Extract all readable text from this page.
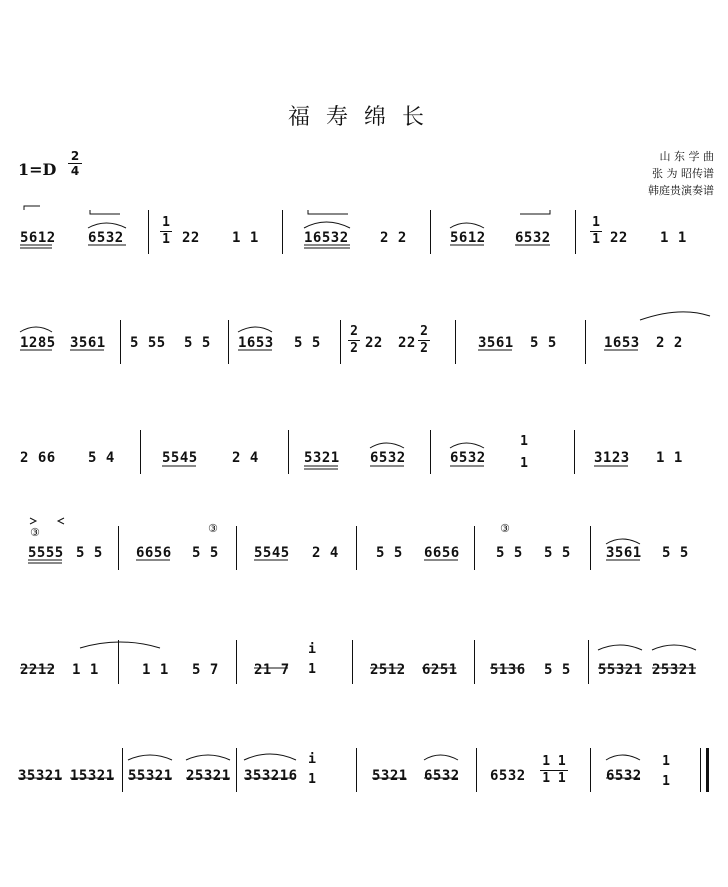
福寿绵长
1=D
2
4
山 东 学 曲
张 为 昭传谱
韩庭贵演奏谱
5612 6532
1

1 22 1 1	16532 2 2	5612 6532
1

1 22 1 1
1285 3561 5 55 5 5 1653 5 5
2

2 22 22
2

2	3561 5 5	1653 2 2
2 66 5 4	5545 2 4	5321 6532	6532
1

1	3123 1 1
5555 5 5 6656 5 5	5545 2 4	5 5 6656	5 5 5 5	3561 5 5
③	③	③
2212 1 1	1 1 5 7	21 7
i

1	2512 6251 5136 5 5 55321 25321
35321 15321 55321 25321 353216
i

1	5321 6532 6532
1 1

1 1	6532
1

1
